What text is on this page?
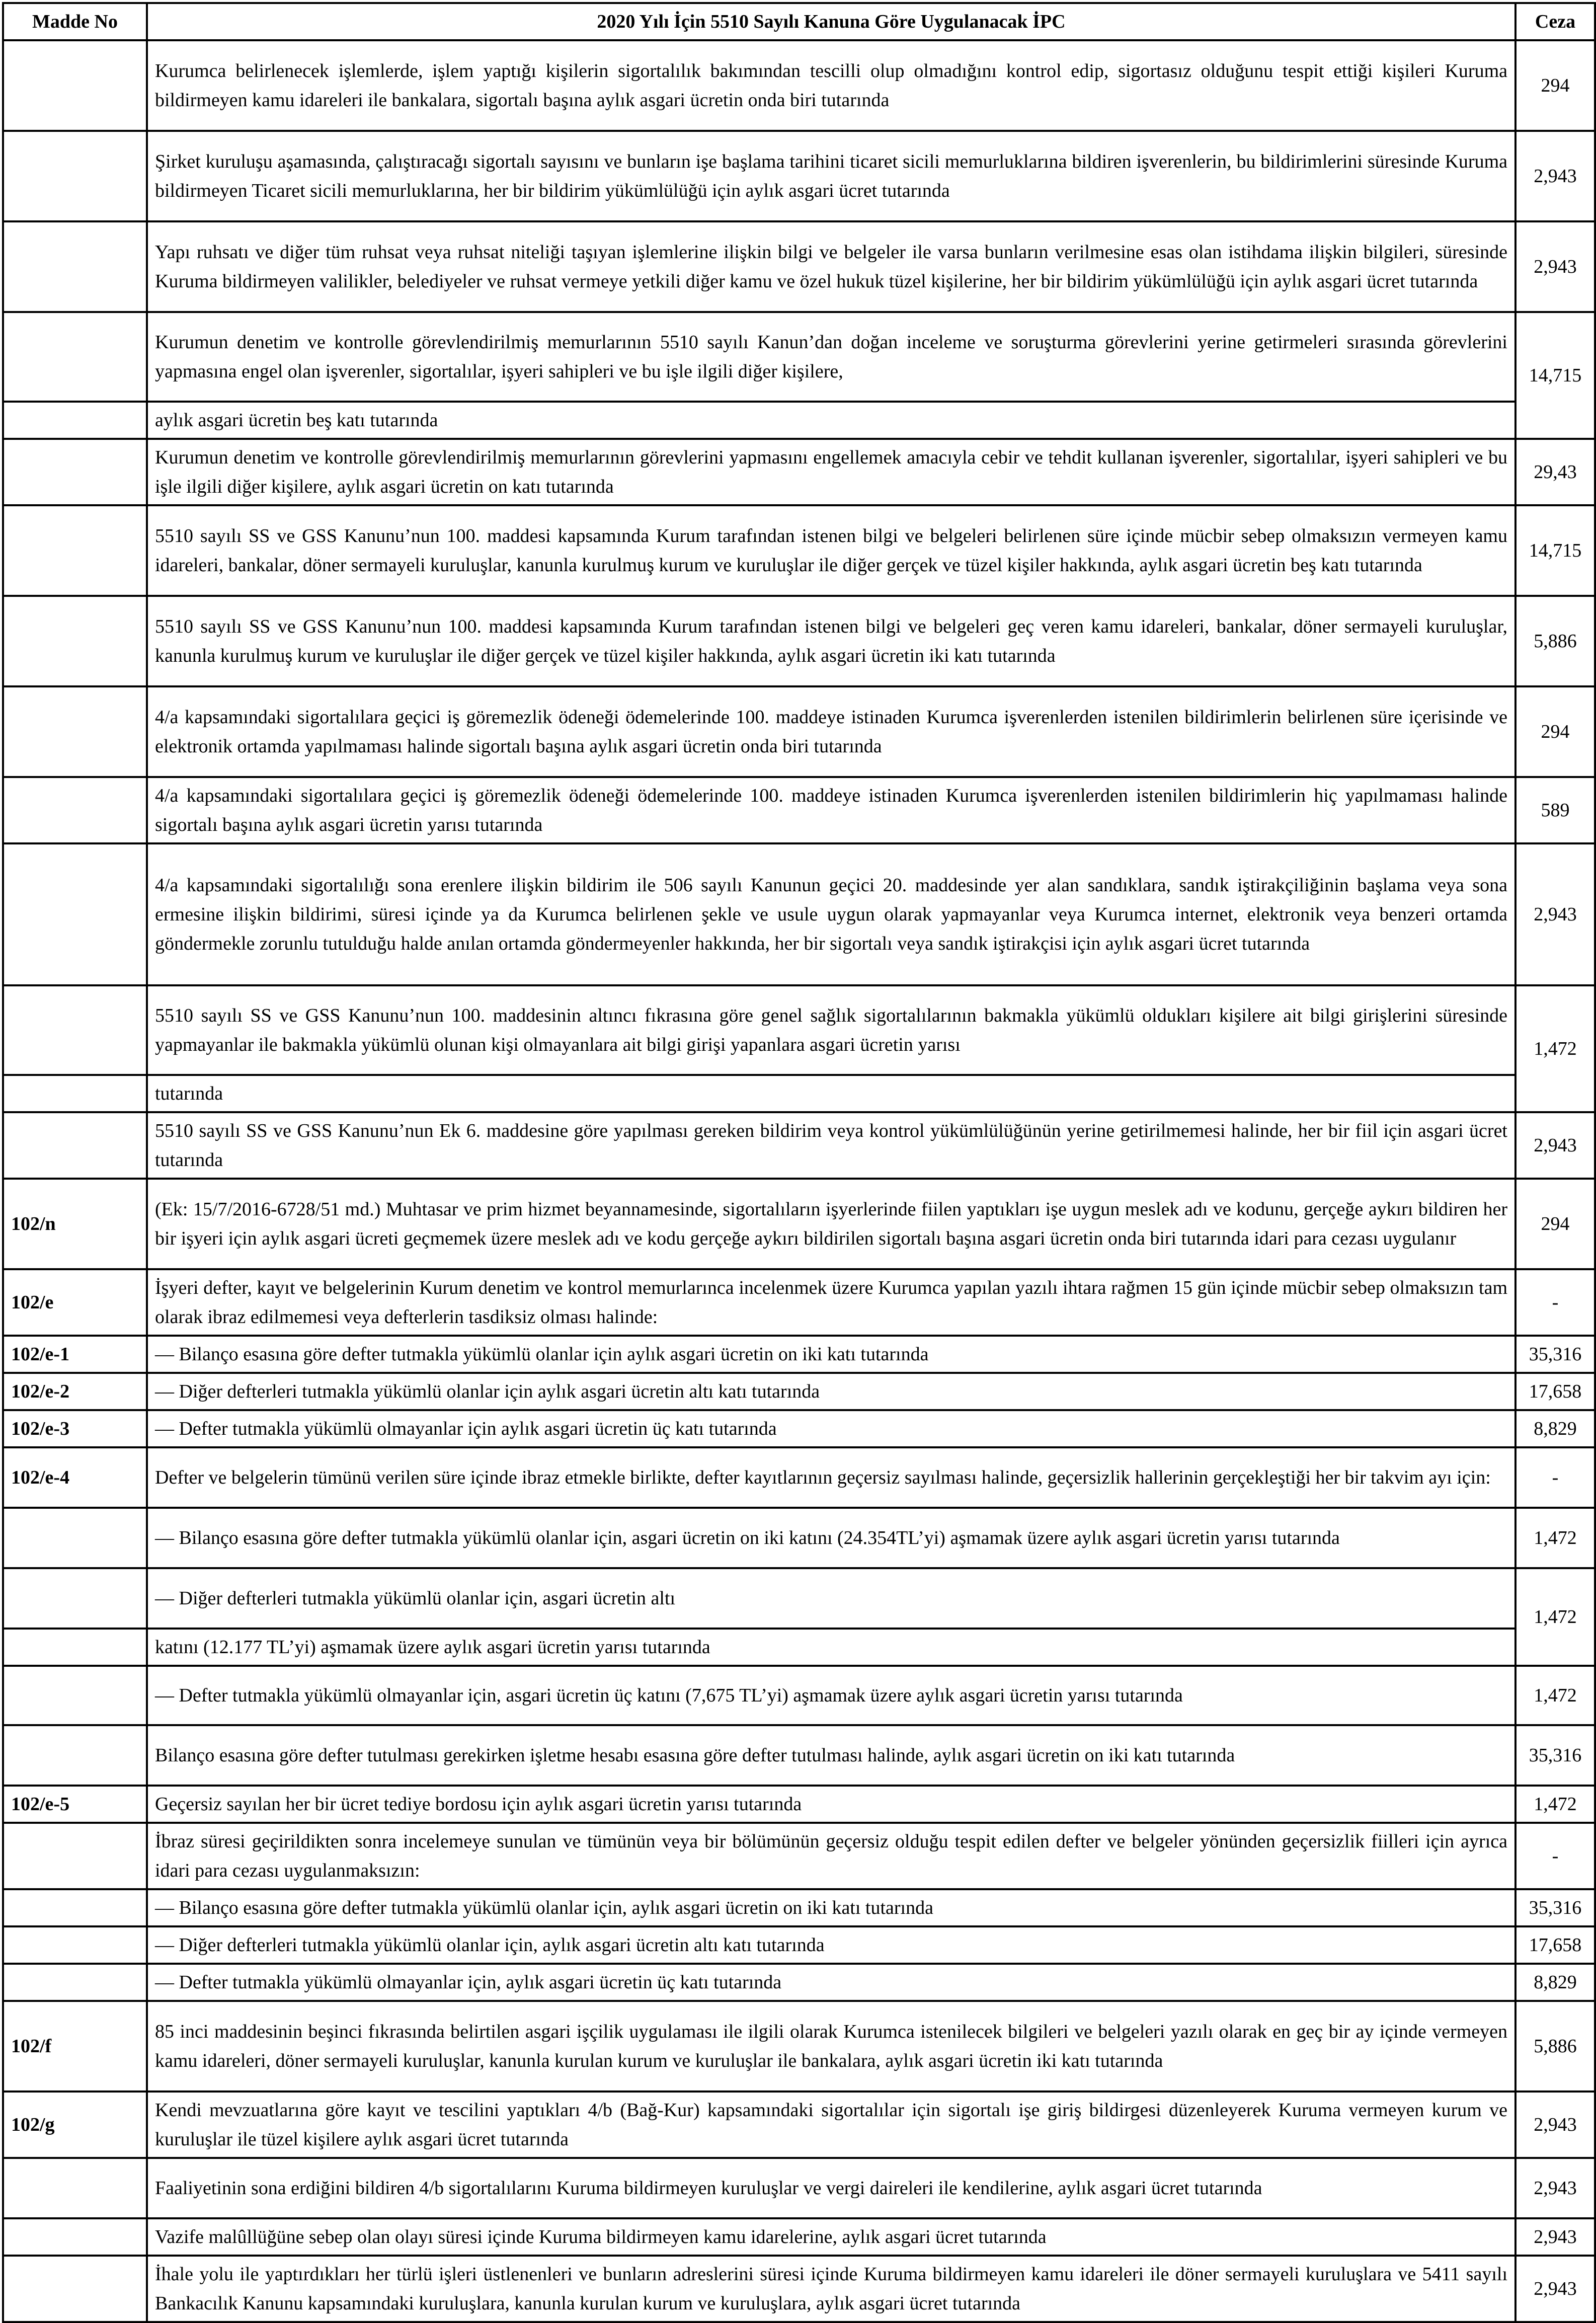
Madde No	2020 Yılı İçin 5510 Sayılı Kanuna Göre Uygulanacak İPC	Ceza
	Kurumca belirlenecek işlemlerde, işlem yaptığı kişilerin sigortalılık bakımından tescilli olup olmadığını kontrol edip, sigortasız olduğunu tespit ettiği kişileri Kuruma bildirmeyen kamu idareleri ile bankalara, sigortalı başına aylık asgari ücretin onda biri tutarında	294
	Şirket kuruluşu aşamasında, çalıştıracağı sigortalı sayısını ve bunların işe başlama tarihini ticaret sicili memurluklarına bildiren işverenlerin, bu bildirimlerini süresinde Kuruma bildirmeyen Ticaret sicili memurluklarına, her bir bildirim yükümlülüğü için aylık asgari ücret tutarında	2,943
	Yapı ruhsatı ve diğer tüm ruhsat veya ruhsat niteliği taşıyan işlemlerine ilişkin bilgi ve belgeler ile varsa bunların verilmesine esas olan istihdama ilişkin bilgileri, süresinde Kuruma bildirmeyen valilikler, belediyeler ve ruhsat vermeye yetkili diğer kamu ve özel hukuk tüzel kişilerine, her bir bildirim yükümlülüğü için aylık asgari ücret tutarında	2,943
	Kurumun denetim ve kontrolle görevlendirilmiş memurlarının 5510 sayılı Kanun’dan doğan inceleme ve soruşturma görevlerini yerine getirmeleri sırasında görevlerini yapmasına engel olan işverenler, sigortalılar, işyeri sahipleri ve bu işle ilgili diğer kişilere,	14,715
	aylık asgari ücretin beş katı tutarında	
	Kurumun denetim ve kontrolle görevlendirilmiş memurlarının görevlerini yapmasını engellemek amacıyla cebir ve tehdit kullanan işverenler, sigortalılar, işyeri sahipleri ve bu işle ilgili diğer kişilere, aylık asgari ücretin on katı tutarında	29,43
	5510 sayılı SS ve GSS Kanunu’nun 100. maddesi kapsamında Kurum tarafından istenen bilgi ve belgeleri belirlenen süre içinde mücbir sebep olmaksızın vermeyen kamu idareleri, bankalar, döner sermayeli kuruluşlar, kanunla kurulmuş kurum ve kuruluşlar ile diğer gerçek ve tüzel kişiler hakkında, aylık asgari ücretin beş katı tutarında	14,715
	5510 sayılı SS ve GSS Kanunu’nun 100. maddesi kapsamında Kurum tarafından istenen bilgi ve belgeleri geç veren kamu idareleri, bankalar, döner sermayeli kuruluşlar, kanunla kurulmuş kurum ve kuruluşlar ile diğer gerçek ve tüzel kişiler hakkında, aylık asgari ücretin iki katı tutarında	5,886
	4/a kapsamındaki sigortalılara geçici iş göremezlik ödeneği ödemelerinde 100. maddeye istinaden Kurumca işverenlerden istenilen bildirimlerin belirlenen süre içerisinde ve elektronik ortamda yapılmaması halinde sigortalı başına aylık asgari ücretin onda biri tutarında	294
	4/a kapsamındaki sigortalılara geçici iş göremezlik ödeneği ödemelerinde 100. maddeye istinaden Kurumca işverenlerden istenilen bildirimlerin hiç yapılmaması halinde sigortalı başına aylık asgari ücretin yarısı tutarında	589
	4/a kapsamındaki sigortalılığı sona erenlere ilişkin bildirim ile 506 sayılı Kanunun geçici 20. maddesinde yer alan sandıklara, sandık iştirakçiliğinin başlama veya sona ermesine ilişkin bildirimi, süresi içinde ya da Kurumca belirlenen şekle ve usule uygun olarak yapmayanlar veya Kurumca internet, elektronik veya benzeri ortamda göndermekle zorunlu tutulduğu halde anılan ortamda göndermeyenler hakkında, her bir sigortalı veya sandık iştirakçisi için aylık asgari ücret tutarında	2,943
	5510 sayılı SS ve GSS Kanunu’nun 100. maddesinin altıncı fıkrasına göre genel sağlık sigortalılarının bakmakla yükümlü oldukları kişilere ait bilgi girişlerini süresinde yapmayanlar ile bakmakla yükümlü olunan kişi olmayanlara ait bilgi girişi yapanlara asgari ücretin yarısı	1,472
	tutarında	
	5510 sayılı SS ve GSS Kanunu’nun Ek 6. maddesine göre yapılması gereken bildirim veya kontrol yükümlülüğünün yerine getirilmemesi halinde, her bir fiil için asgari ücret tutarında	2,943
102/n	(Ek: 15/7/2016-6728/51 md.) Muhtasar ve prim hizmet beyannamesinde, sigortalıların işyerlerinde fiilen yaptıkları işe uygun meslek adı ve kodunu, gerçeğe aykırı bildiren her bir işyeri için aylık asgari ücreti geçmemek üzere meslek adı ve kodu gerçeğe aykırı bildirilen sigortalı başına asgari ücretin onda biri tutarında idari para cezası uygulanır	294
102/e	İşyeri defter, kayıt ve belgelerinin Kurum denetim ve kontrol memurlarınca incelenmek üzere Kurumca yapılan yazılı ihtara rağmen 15 gün içinde mücbir sebep olmaksızın tam olarak ibraz edilmemesi veya defterlerin tasdiksiz olması halinde:	-
102/e-1	— Bilanço esasına göre defter tutmakla yükümlü olanlar için aylık asgari ücretin on iki katı tutarında	35,316
102/e-2	— Diğer defterleri tutmakla yükümlü olanlar için aylık asgari ücretin altı katı tutarında	17,658
102/e-3	— Defter tutmakla yükümlü olmayanlar için aylık asgari ücretin üç katı tutarında	8,829
102/e-4	Defter ve belgelerin tümünü verilen süre içinde ibraz etmekle birlikte, defter kayıtlarının geçersiz sayılması halinde, geçersizlik hallerinin gerçekleştiği her bir takvim ayı için:	-
	— Bilanço esasına göre defter tutmakla yükümlü olanlar için, asgari ücretin on iki katını (24.354TL’yi) aşmamak üzere aylık asgari ücretin yarısı tutarında	1,472
	— Diğer defterleri tutmakla yükümlü olanlar için, asgari ücretin altı	1,472
	katını (12.177 TL’yi) aşmamak üzere aylık asgari ücretin yarısı tutarında	
	— Defter tutmakla yükümlü olmayanlar için, asgari ücretin üç katını (7,675 TL’yi) aşmamak üzere aylık asgari ücretin yarısı tutarında	1,472
	Bilanço esasına göre defter tutulması gerekirken işletme hesabı esasına göre defter tutulması halinde, aylık asgari ücretin on iki katı tutarında	35,316
102/e-5	Geçersiz sayılan her bir ücret tediye bordosu için aylık asgari ücretin yarısı tutarında	1,472
	İbraz süresi geçirildikten sonra incelemeye sunulan ve tümünün veya bir bölümünün geçersiz olduğu tespit edilen defter ve belgeler yönünden geçersizlik fiilleri için ayrıca idari para cezası uygulanmaksızın:	-
	— Bilanço esasına göre defter tutmakla yükümlü olanlar için, aylık asgari ücretin on iki katı tutarında	35,316
	— Diğer defterleri tutmakla yükümlü olanlar için, aylık asgari ücretin altı katı tutarında	17,658
	— Defter tutmakla yükümlü olmayanlar için, aylık asgari ücretin üç katı tutarında	8,829
102/f	85 inci maddesinin beşinci fıkrasında belirtilen asgari işçilik uygulaması ile ilgili olarak Kurumca istenilecek bilgileri ve belgeleri yazılı olarak en geç bir ay içinde vermeyen kamu idareleri, döner sermayeli kuruluşlar, kanunla kurulan kurum ve kuruluşlar ile bankalara, aylık asgari ücretin iki katı tutarında	5,886
102/g	Kendi mevzuatlarına göre kayıt ve tescilini yaptıkları 4/b (Bağ-Kur) kapsamındaki sigortalılar için sigortalı işe giriş bildirgesi düzenleyerek Kuruma vermeyen kurum ve kuruluşlar ile tüzel kişilere aylık asgari ücret tutarında	2,943
	Faaliyetinin sona erdiğini bildiren 4/b sigortalılarını Kuruma bildirmeyen kuruluşlar ve vergi daireleri ile kendilerine, aylık asgari ücret tutarında	2,943
	Vazife malûllüğüne sebep olan olayı süresi içinde Kuruma bildirmeyen kamu idarelerine, aylık asgari ücret tutarında	2,943
	İhale yolu ile yaptırdıkları her türlü işleri üstlenenleri ve bunların adreslerini süresi içinde Kuruma bildirmeyen kamu idareleri ile döner sermayeli kuruluşlara ve 5411 sayılı Bankacılık Kanunu kapsamındaki kuruluşlara, kanunla kurulan kurum ve kuruluşlara, aylık asgari ücret tutarında	2,943
